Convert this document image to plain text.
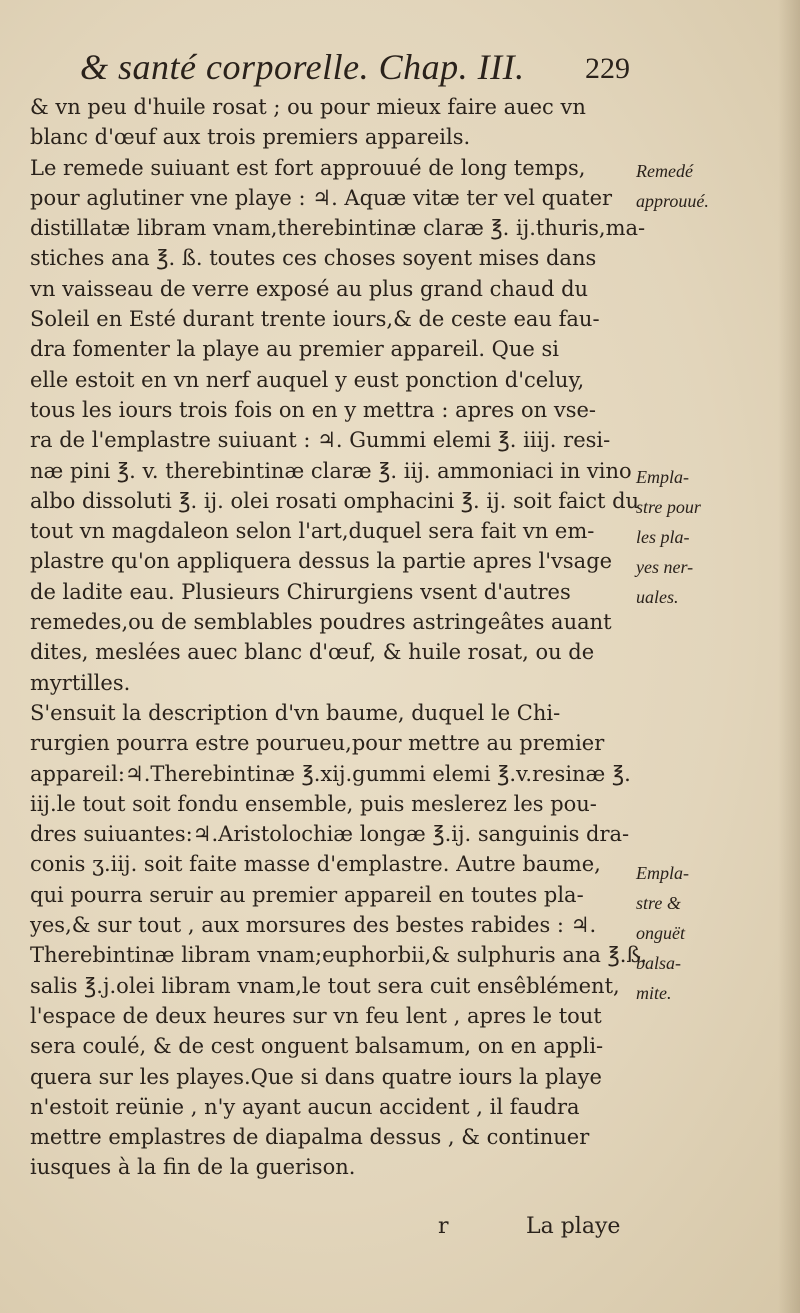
& santé corporelle. Chap. III. 229
& vn peu d'huile rosat ; ou pour mieux faire auec vn
blanc d'œuf aux trois premiers appareils.
Le remede suiuant est fort approuué de long temps,
pour aglutiner vne playe : ♃. Aquæ vitæ ter vel quater
distillatæ libram vnam,therebintinæ claræ ℥. ij.thuris,ma-
stiches ana ℥. ß. toutes ces choses soyent mises dans
vn vaisseau de verre exposé au plus grand chaud du
Soleil en Esté durant trente iours,& de ceste eau fau-
dra fomenter la playe au premier appareil. Que si
elle estoit en vn nerf auquel y eust ponction d'celuy,
tous les iours trois fois on en y mettra : apres on vse-
ra de l'emplastre suiuant : ♃. Gummi elemi ℥. iiij. resi-
næ pini ℥. v. therebintinæ claræ ℥. iij. ammoniaci in vino
albo dissoluti ℥. ij. olei rosati omphacini ℥. ij. soit faict du
tout vn magdaleon selon l'art,duquel sera fait vn em-
plastre qu'on appliquera dessus la partie apres l'vsage
de ladite eau. Plusieurs Chirurgiens vsent d'autres
remedes,ou de semblables poudres astringeâtes auant
dites, meslées auec blanc d'œuf, & huile rosat, ou de
myrtilles.
S'ensuit la description d'vn baume, duquel le Chi-
rurgien pourra estre pourueu,pour mettre au premier
appareil:♃.Therebintinæ ℥.xij.gummi elemi ℥.v.resinæ ℥.
iij.le tout soit fondu ensemble, puis meslerez les pou-
dres suiuantes:♃.Aristolochiæ longæ ℥.ij. sanguinis dra-
conis ʒ.iij. soit faite masse d'emplastre. Autre baume,
qui pourra seruir au premier appareil en toutes pla-
yes,& sur tout , aux morsures des bestes rabides : ♃.
Therebintinæ libram vnam;euphorbii,& sulphuris ana ℥.ß.
salis ℥.j.olei libram vnam,le tout sera cuit ensêblément,
l'espace de deux heures sur vn feu lent , apres le tout
sera coulé, & de cest onguent balsamum, on en appli-
quera sur les playes.Que si dans quatre iours la playe
n'estoit reünie , n'y ayant aucun accident , il faudra
mettre emplastres de diapalma dessus , & continuer
iusques à la fin de la guerison.
Remedé
approuué.
Empla-
stre pour
les pla-
yes ner-
uales.
Empla-
stre &
onguët
balsa-
mite.
r	La playe
